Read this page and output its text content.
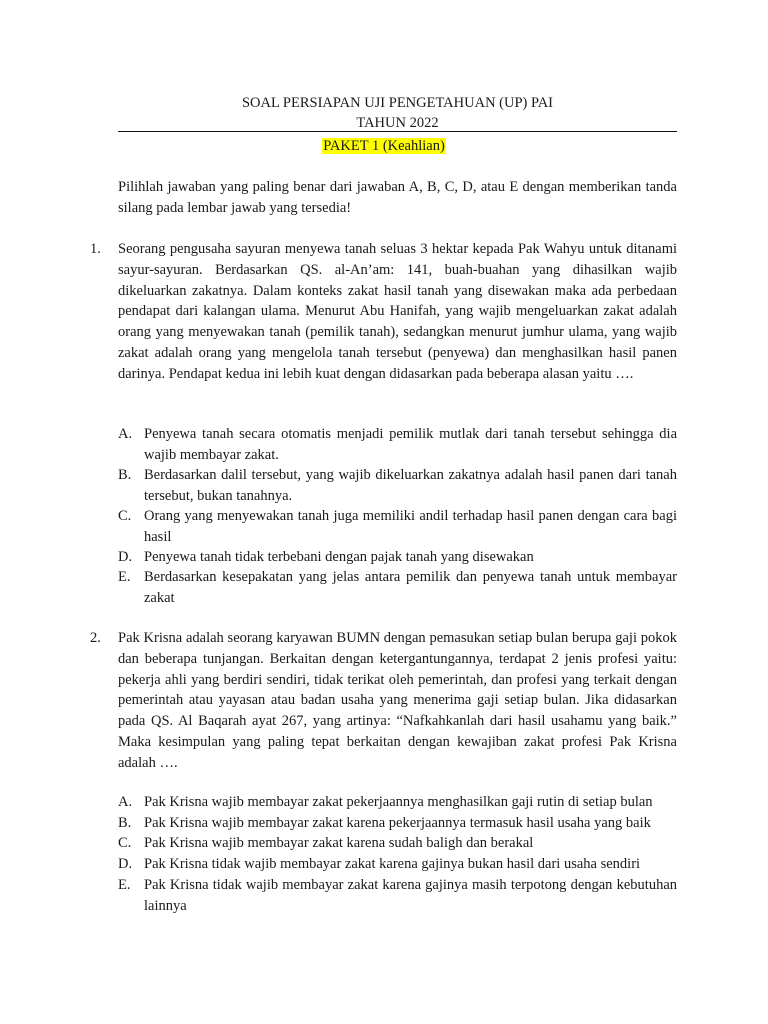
SOAL PERSIAPAN UJI PENGETAHUAN (UP) PAI
TAHUN 2022
PAKET 1 (Keahlian)

Pilihlah jawaban yang paling benar dari jawaban A, B, C, D, atau E dengan memberikan tanda silang pada lembar jawab yang tersedia!

1. Seorang pengusaha sayuran menyewa tanah seluas 3 hektar kepada Pak Wahyu untuk ditanami sayur-sayuran. Berdasarkan QS. al-An’am: 141, buah-buahan yang dihasilkan wajib dikeluarkan zakatnya. Dalam konteks zakat hasil tanah yang disewakan maka ada perbedaan pendapat dari kalangan ulama. Menurut Abu Hanifah, yang wajib mengeluarkan zakat adalah orang yang menyewakan tanah (pemilik tanah), sedangkan menurut jumhur ulama, yang wajib zakat adalah orang yang mengelola tanah tersebut (penyewa) dan menghasilkan hasil panen darinya. Pendapat kedua ini lebih kuat dengan didasarkan pada beberapa alasan yaitu ….

A. Penyewa tanah secara otomatis menjadi pemilik mutlak dari tanah tersebut sehingga dia wajib membayar zakat.
B. Berdasarkan dalil tersebut, yang wajib dikeluarkan zakatnya adalah hasil panen dari tanah tersebut, bukan tanahnya.
C. Orang yang menyewakan tanah juga memiliki andil terhadap hasil panen dengan cara bagi hasil
D. Penyewa tanah tidak terbebani dengan pajak tanah yang disewakan
E. Berdasarkan kesepakatan yang jelas antara pemilik dan penyewa tanah untuk membayar zakat
2. Pak Krisna adalah seorang karyawan BUMN dengan pemasukan setiap bulan berupa gaji pokok dan beberapa tunjangan. Berkaitan dengan ketergantungannya, terdapat 2 jenis profesi yaitu: pekerja ahli yang berdiri sendiri, tidak terikat oleh pemerintah, dan profesi yang terkait dengan pemerintah atau yayasan atau badan usaha yang menerima gaji setiap bulan. Jika didasarkan pada QS. Al Baqarah ayat 267, yang artinya: “Nafkahkanlah dari hasil usahamu yang baik.” Maka kesimpulan yang paling tepat berkaitan dengan kewajiban zakat profesi Pak Krisna adalah ….

A. Pak Krisna wajib membayar zakat pekerjaannya menghasilkan gaji rutin di setiap bulan
B. Pak Krisna wajib membayar zakat karena pekerjaannya termasuk hasil usaha yang baik
C. Pak Krisna wajib membayar zakat karena sudah baligh dan berakal
D. Pak Krisna tidak wajib membayar zakat karena gajinya bukan hasil dari usaha sendiri
E. Pak Krisna tidak wajib membayar zakat karena gajinya masih terpotong dengan kebutuhan lainnya
